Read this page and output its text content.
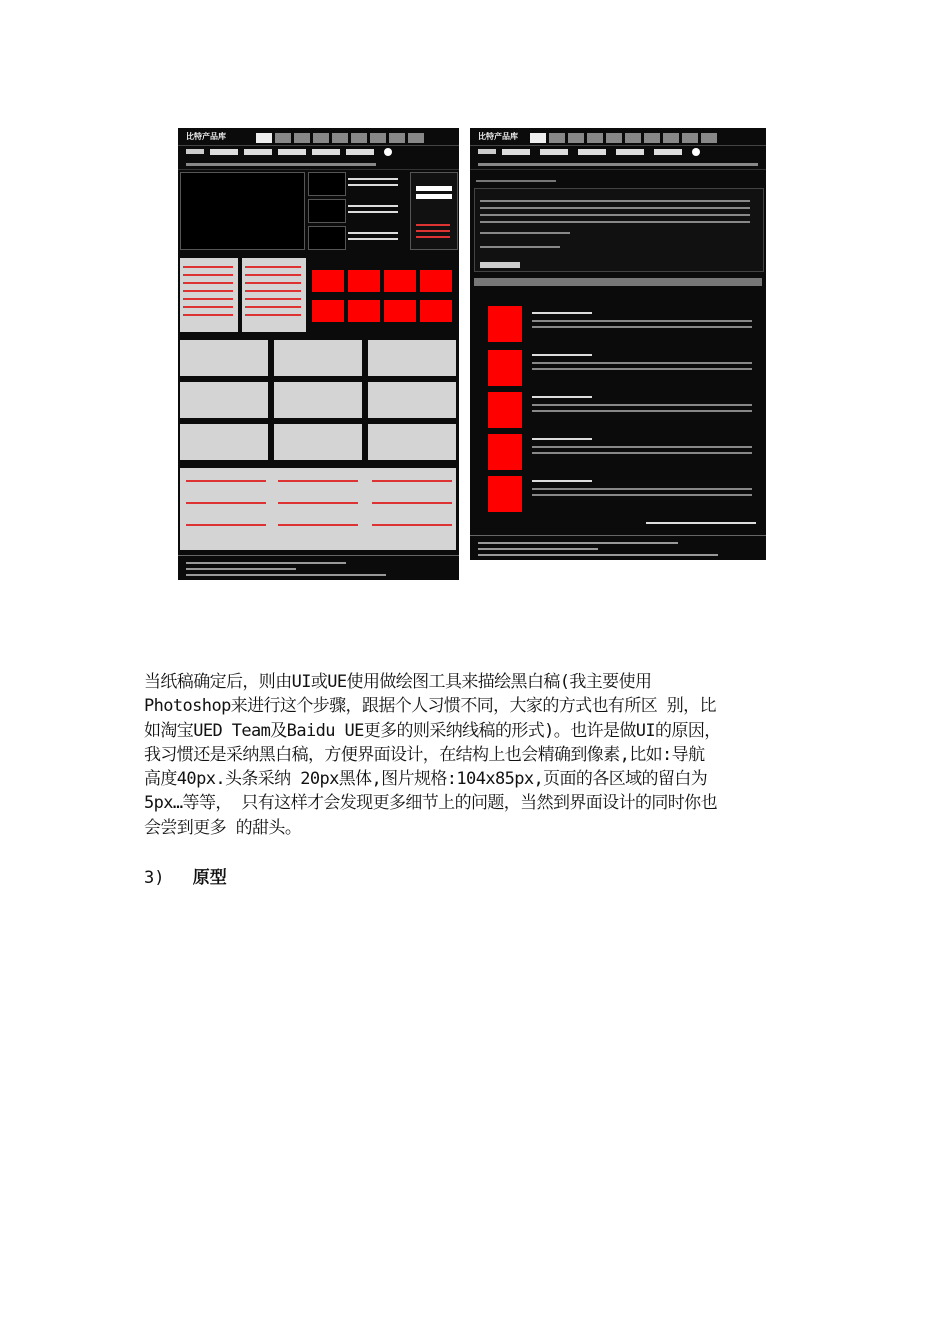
比特产品库	比特产品库

当纸稿确定后，则由UI或UE使用做绘图工具来描绘黑白稿(我主要使用
Photoshop来进行这个步骤，跟据个人习惯不同，大家的方式也有所区 别，比
如淘宝UED Team及Baidu UE更多的则采纳线稿的形式)。也许是做UI的原因，
我习惯还是采纳黑白稿，方便界面设计，在结构上也会精确到像素,比如:导航
高度40px.头条采纳 20px黑体,图片规格:104x85px,页面的各区域的留白为
5px…等等， 只有这样才会发现更多细节上的问题，当然到界面设计的同时你也
会尝到更多 的甜头。

3) 原型
